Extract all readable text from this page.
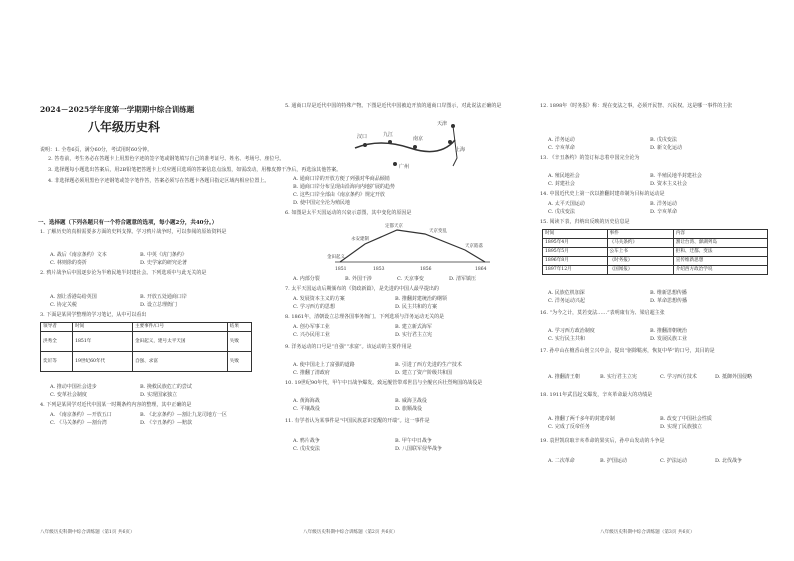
2024－2025学年度第一学期期中综合训练题
八年级历史科
说明：1. 全卷6页，满分60分，考试用时60分钟。
2. 答卷前，考生务必在答题卡上用黑色字迹的签字笔或钢笔填写自己的准考证号、姓名、考场号、座位号。
3. 选择题每小题选出答案后，用2B铅笔把答题卡上对应题目选项的答案信息点涂黑，如需改动，用橡皮擦干净后，再选涂其他答案。
4. 非选择题必须用黑色字迹钢笔或签字笔作答，答案必须写在答题卡各题目指定区域内相应位置上。
一、选择题（下列各题只有一个符合题意的选项，每小题2分，共40分。）
1. 了解历史的真相需要多方面的史料支撑。学习鸦片战争时，可以参阅的原始资料是
A. 战后《南京条约》文本	B. 中英《虎门条约》
C. 林则徐的奏折	D. 史学家的研究论著
2. 鸦片战争后中国逐步沦为半殖民地半封建社会。下列选项中与此无关的是
A. 割让香港岛给英国	B. 开放五处通商口岸
C. 协定关税	D. 设立总理衙门
3. 下面是某同学整理的学习笔记，从中可以看出
领导者	时间	主要事件/口号	结果
洪秀全	1851年	金田起义，建号太平天国	失败
奕䜣等	19世纪60年代	自强、求富	失败
A. 推动中国社会进步	B. 挽救民族危亡的尝试
C. 变革社会制度	D. 实现国家独立
4. 下列是某同学对近代中国某一时期条约内容的整理，其中正确的是
A. 《南京条约》—开放五口	B. 《北京条约》—割让九龙司地方一区
C. 《马关条约》—割台湾	D. 《辛丑条约》—赔款
八年级历史科期中综合训练题（第1页 共6页）
5. 通商口岸是近代中国的特殊产物。下图是近代中国被迫开放的通商口岸图示，对此说法正确的是
天津
汉口	九江
上海
广州
南京
A. 通商口岸的开放方便了列强对华商品倾销
B. 通商口岸分布呈现由沿海向内地扩展的趋势
C. 这些口岸全部由《南京条约》规定开放
D. 使中国完全沦为殖民地
6. 如图是太平天国运动的兴衰示意图，其中变化的原因是
金田起义
永安建制
定都天京
天京变乱
天京陷落
1851	1853	1856	1864
A. 内部分裂	B. 外国干涉	C. 天京事变	D. 清军镇压
7. 太平天国运动后期颁布的《资政新篇》，是先进的中国人最早提出的
A. 发展资本主义的方案	B. 推翻封建统治的纲领
C. 学习西方的思想	D. 民主共和的方案
8. 1861年，清朝设立总理各国事务衙门。下列选项与洋务运动无关的是
A. 创办军事工业	B. 建立新式海军
C. 兴办民用工业	D. 实行君主立宪
9. 洋务运动的口号是“自强”“求富”。该运动的主要作用是
A. 使中国走上了富强的道路	B. 引进了西方先进的生产技术
C. 推翻了清政府	D. 建立了资产阶级共和国
10. 19世纪90年代，甲午中日战争爆发。致远舰管带邓世昌与全舰官兵壮烈殉国的战役是
A. 黄海海战	B. 威海卫战役
C. 平壤战役	D. 旅顺战役
11. 有学者认为某事件是“中国民族意识觉醒的开端”。这一事件是
A. 鸦片战争	B. 甲午中日战争
C. 戊戌变法	D. 八国联军侵华战争
八年级历史科期中综合训练题（第2页 共6页）
12. 1898年《时务报》称：现在变法之事，必须开民智、兴民权。这是哪一事件的主张
A. 洋务运动	B. 戊戌变法
C. 辛亥革命	D. 新文化运动
13. 《辛丑条约》的签订标志着中国完全沦为
A. 殖民地社会	B. 半殖民地半封建社会
C. 封建社会	D. 资本主义社会
14. 中国近代史上第一次以推翻封建帝制为目标的运动是
A. 太平天国运动	B. 洋务运动
C. 戊戌变法	D. 辛亥革命
15. 阅读下表，归纳出反映的历史信息是
时间	事件	内容
1895年4月	《马关条约》	割让台湾、澎湖列岛
1895年5月	公车上书	拒和、迁都、变法
1896年8月	《时务报》	宣传维新思想
1897年12月	《国闻报》	介绍西方政治学说
A. 民族危机加深	B. 维新思想传播
C. 洋务运动兴起	D. 革命思想传播
16. “为今之计，莫若变法……”表明康有为、梁启超主张
A. 学习西方政治制度	B. 推翻清朝统治
C. 实行民主共和	D. 发展民族工业
17. 孙中山在檀香山创立兴中会，提出“驱除鞑虏，恢复中华”的口号，其目的是
A. 推翻清王朝	B. 实行君主立宪	C. 学习西方技术	D. 抵御外国侵略
18. 1911年武昌起义爆发，辛亥革命最大的功绩是
A. 推翻了两千多年的封建帝制	B. 改变了中国社会性质
C. 完成了反帝任务	D. 实现了民族独立
19. 袁世凯窃取辛亥革命的果实后，孙中山发动的斗争是
A. 二次革命	B. 护国运动	C. 护法运动	D. 北伐战争
八年级历史科期中综合训练题（第3页 共6页）
